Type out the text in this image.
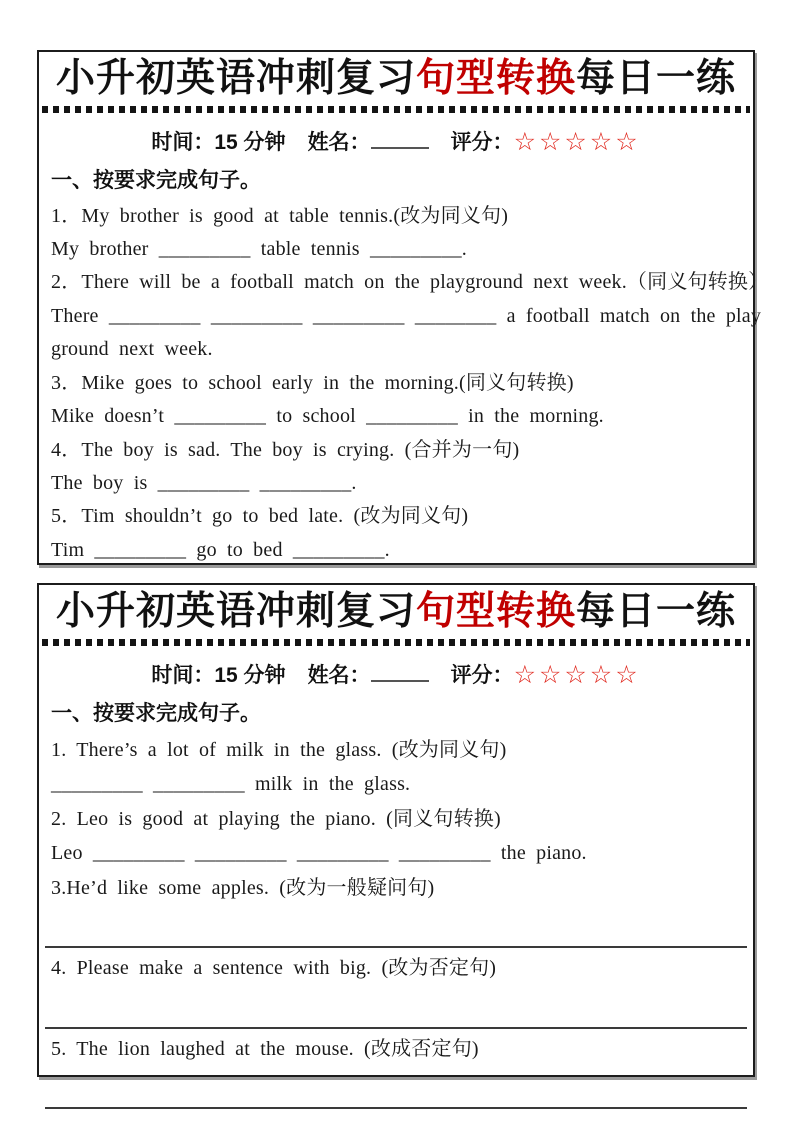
小升初英语冲刺复习句型转换每日一练
时间：15 分钟 姓名：	评分：☆☆☆☆☆
一、按要求完成句子。
1．My brother is good at table tennis.(改为同义句)
My brother _________ table tennis _________.
2．There will be a football match on the playground next week.（同义句转换）
There _________ _________ _________ ________ a football match on the play
ground next week.
3．Mike goes to school early in the morning.(同义句转换)
Mike doesn’t _________ to school _________ in the morning.
4．The boy is sad. The boy is crying. (合并为一句)
The boy is _________ _________.
5．Tim shouldn’t go to bed late. (改为同义句)
Tim _________ go to bed _________.
小升初英语冲刺复习句型转换每日一练
时间：15 分钟 姓名：	评分：☆☆☆☆☆
一、按要求完成句子。
1. There’s a lot of milk in the glass. (改为同义句)
_________ _________ milk in the glass.
2. Leo is good at playing the piano. (同义句转换)
Leo _________ _________ _________ _________ the piano.
3.He’d like some apples. (改为一般疑问句)
4. Please make a sentence with big. (改为否定句)
5. The lion laughed at the mouse. (改成否定句)
